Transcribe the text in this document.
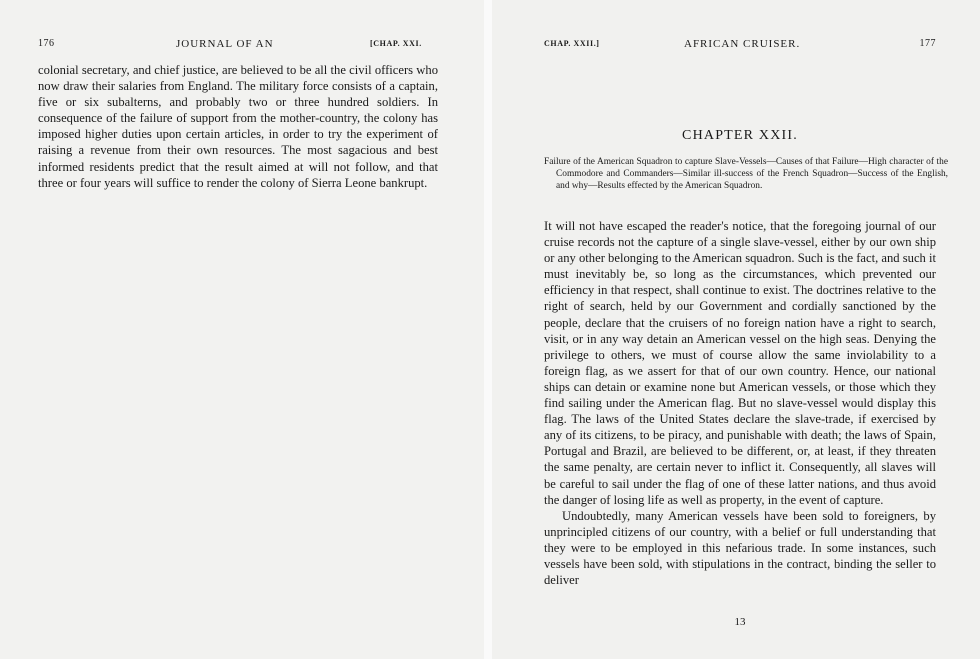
176	JOURNAL OF AN	[CHAP. XXI.

colonial secretary, and chief justice, are believed to be all the civil officers who now draw their salaries from England. The military force consists of a captain, five or six subalterns, and probably two or three hundred soldiers. In consequence of the failure of support from the mother-country, the colony has imposed higher duties upon certain articles, in order to try the experiment of raising a revenue from their own resources. The most sagacious and best informed residents predict that the result aimed at will not follow, and that three or four years will suffice to render the colony of Sierra Leone bankrupt.

CHAP. XXII.]	AFRICAN CRUISER.	177
CHAPTER XXII.
Failure of the American Squadron to capture Slave-Vessels—Causes of that Failure—High character of the Commodore and Commanders—Similar ill-success of the French Squadron—Success of the English, and why—Results effected by the American Squadron.

It will not have escaped the reader's notice, that the foregoing journal of our cruise records not the capture of a single slave-vessel, either by our own ship or any other belonging to the American squadron. Such is the fact, and such it must inevitably be, so long as the circumstances, which prevented our efficiency in that respect, shall continue to exist. The doctrines relative to the right of search, held by our Government and cordially sanctioned by the people, declare that the cruisers of no foreign nation have a right to search, visit, or in any way detain an American vessel on the high seas. Denying the privilege to others, we must of course allow the same inviolability to a foreign flag, as we assert for that of our own country. Hence, our national ships can detain or examine none but American vessels, or those which they find sailing under the American flag. But no slave-vessel would display this flag. The laws of the United States declare the slave-trade, if exercised by any of its citizens, to be piracy, and punishable with death; the laws of Spain, Portugal and Brazil, are believed to be different, or, at least, if they threaten the same penalty, are certain never to inflict it. Consequently, all slaves will be careful to sail under the flag of one of these latter nations, and thus avoid the danger of losing life as well as property, in the event of capture.

Undoubtedly, many American vessels have been sold to foreigners, by unprincipled citizens of our country, with a belief or full understanding that they were to be employed in this nefarious trade. In some instances, such vessels have been sold, with stipulations in the contract, binding the seller to deliver

13
